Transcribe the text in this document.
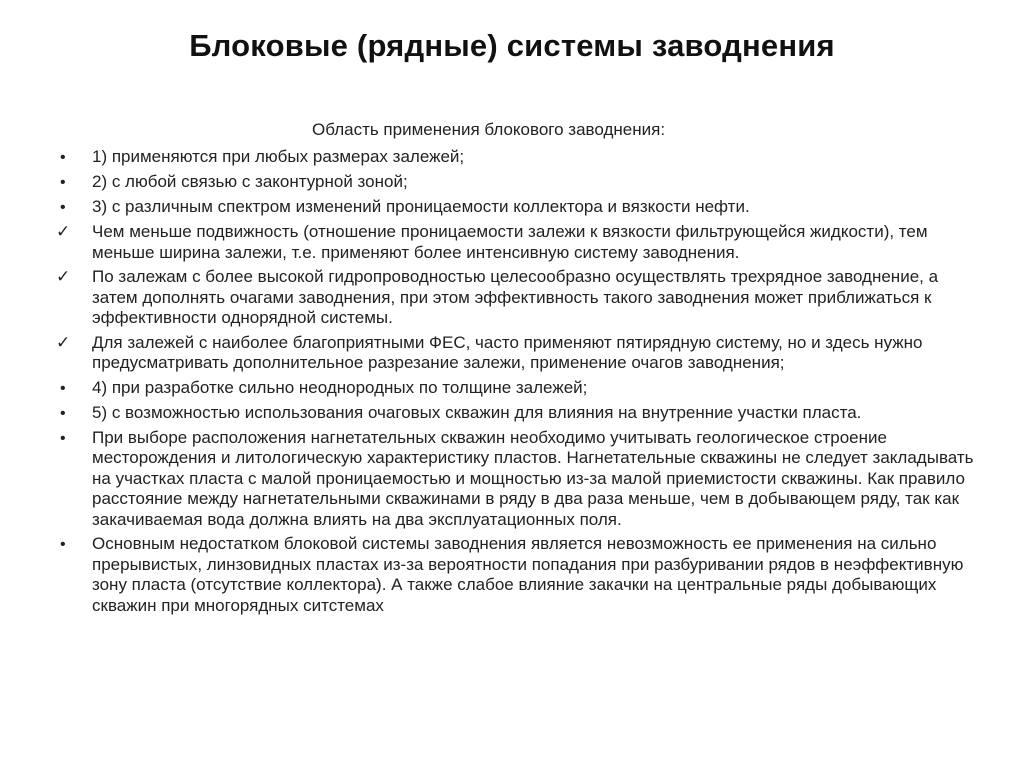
Блоковые (рядные) системы заводнения
Область применения блокового заводнения:
•	1) применяются при любых размерах залежей;
•	2) с любой связью с законтурной зоной;
•	3) с различным спектром изменений проницаемости коллектора и вязкости нефти.
✓	Чем меньше подвижность (отношение проницаемости залежи к вязкости фильтрующейся жидкости), тем меньше ширина залежи, т.е. применяют более интенсивную систему заводнения.
✓	По залежам с более высокой гидропроводностью целесообразно осуществлять трехрядное заводнение, а затем дополнять очагами заводнения, при этом эффективность такого заводнения может приближаться к эффективности однорядной системы.
✓	Для залежей с наиболее благоприятными ФЕС, часто применяют пятирядную систему, но и здесь нужно предусматривать дополнительное разрезание залежи, применение очагов заводнения;
•	4) при разработке сильно неоднородных по толщине залежей;
•	5) с возможностью использования очаговых скважин для влияния на внутренние участки пласта.
•	При выборе расположения нагнетательных скважин необходимо учитывать геологическое строение месторождения и литологическую характеристику пластов. Нагнетательные скважины не следует закладывать на участках пласта с малой проницаемостью и мощностью из-за малой приемистости скважины. Как правило расстояние между нагнетательными скважинами в ряду в два раза меньше, чем в добывающем ряду, так как закачиваемая вода должна влиять на два эксплуатационных поля.
•	Основным недостатком блоковой системы заводнения является невозможность ее применения на сильно прерывистых, линзовидных пластах из-за вероятности попадания при разбуривании рядов в неэффективную зону пласта (отсутствие коллектора). А также слабое влияние закачки на центральные ряды добывающих скважин при многорядных ситстемах
